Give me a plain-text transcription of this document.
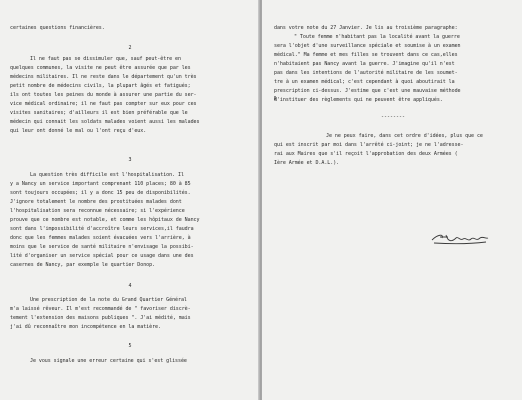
certaines questions financières.

2

Il ne faut pas se dissimuler que, sauf peut-être en

quelques communes, la visite ne peut être assurée que par les

médecins militaires. Il ne reste dans le département qu'un très

petit nombre de médecins civils, la plupart âgés et fatigués;

ils ont toutes les peines du monde à assurer une partie du ser-

vice médical ordinaire; il ne faut pas compter sur eux pour ces

visites sanitaires; d'ailleurs il est bien préférable que le

médecin qui connait les soldats malades voient aussi les malades

qui leur ont donné le mal ou l'ont reçu d'eux.

3

La question très difficile est l'hospitalisation. Il

y a Nancy un service important comprenant 110 places; 80 à 85

sont toujours occupées; il y a donc 15 peu de disponibilités.

J'ignore totalement le nombre des prostituées malades dont

l'hospitalisation sera reconnue nécessaire; si l'expérience

prouve que ce nombre est notable, et comme les hôpitaux de Nancy

sont dans l'impossibilité d'accroître leurs services,il faudra

donc que les femmes malades soient évacuées vers l'arrière, à

moins que le service de santé militaire n'envisage la possibi-

lité d'organiser un service spécial pour ce usage dans une des

casernes de Nancy, par exemple le quartier Donop.

4

Une prescription de la note du Grand Quartier Général

m'a laissé rêveur. Il m'est recommandé de " favoriser discrè-

tement l'extension des maisons publiques ". J'ai médité, mais

j'ai dû reconnaître mon incompétence en la matière.

5

Je vous signale une erreur certaine qui s'est glissée

dans votre note du 27 Janvier. Je lis au troisième paragraphe:

" Toute femme n'habitant pas la localité avant la guerre

sera l'objet d'une surveillance spéciale et soumise à un examen

médical." Ma femme et mes filles se trouvent dans ce cas,elles

n'habitaient pas Nancy avant la guerre. J'imagine qu'il n'est

pas dans les intentions de l'autorité militaire de les soumet-

tre à un examen médical; c'est cependant à quoi aboutirait la

prescription ci-dessus. J'estime que c'est une mauvaise méthode

d'instituer des règlements qui ne peuvent être appliqués.

--------

Je ne peux faire, dans cet ordre d'idées, plus que ce

qui est inscrit par moi dans l'arrêté ci-joint; je ne l'adresse-

rai aux Maires que s'il reçoit l'approbation des deux Armées (

Ière Armée et D.A.L.).
